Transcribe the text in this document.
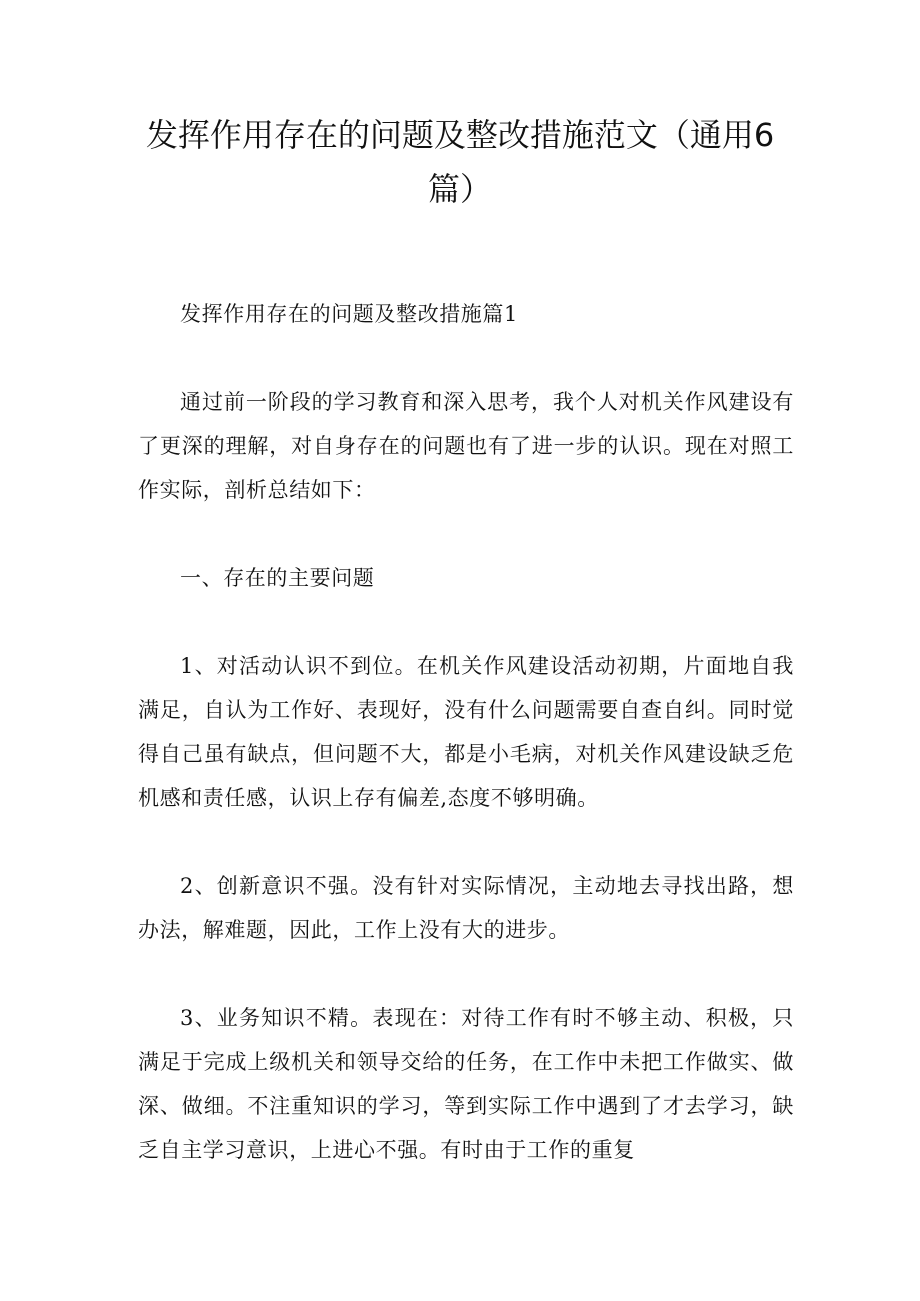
发挥作用存在的问题及整改措施范文（通用6篇）

发挥作用存在的问题及整改措施篇1

通过前一阶段的学习教育和深入思考，我个人对机关作风建设有了更深的理解，对自身存在的问题也有了进一步的认识。现在对照工作实际，剖析总结如下：

一、存在的主要问题

1、对活动认识不到位。在机关作风建设活动初期，片面地自我满足，自认为工作好、表现好，没有什么问题需要自查自纠。同时觉得自己虽有缺点，但问题不大，都是小毛病，对机关作风建设缺乏危机感和责任感，认识上存有偏差,态度不够明确。

2、创新意识不强。没有针对实际情况，主动地去寻找出路，想办法，解难题，因此，工作上没有大的进步。

3、业务知识不精。表现在：对待工作有时不够主动、积极，只满足于完成上级机关和领导交给的任务，在工作中未把工作做实、做深、做细。不注重知识的学习，等到实际工作中遇到了才去学习，缺乏自主学习意识，上进心不强。有时由于工作的重复
